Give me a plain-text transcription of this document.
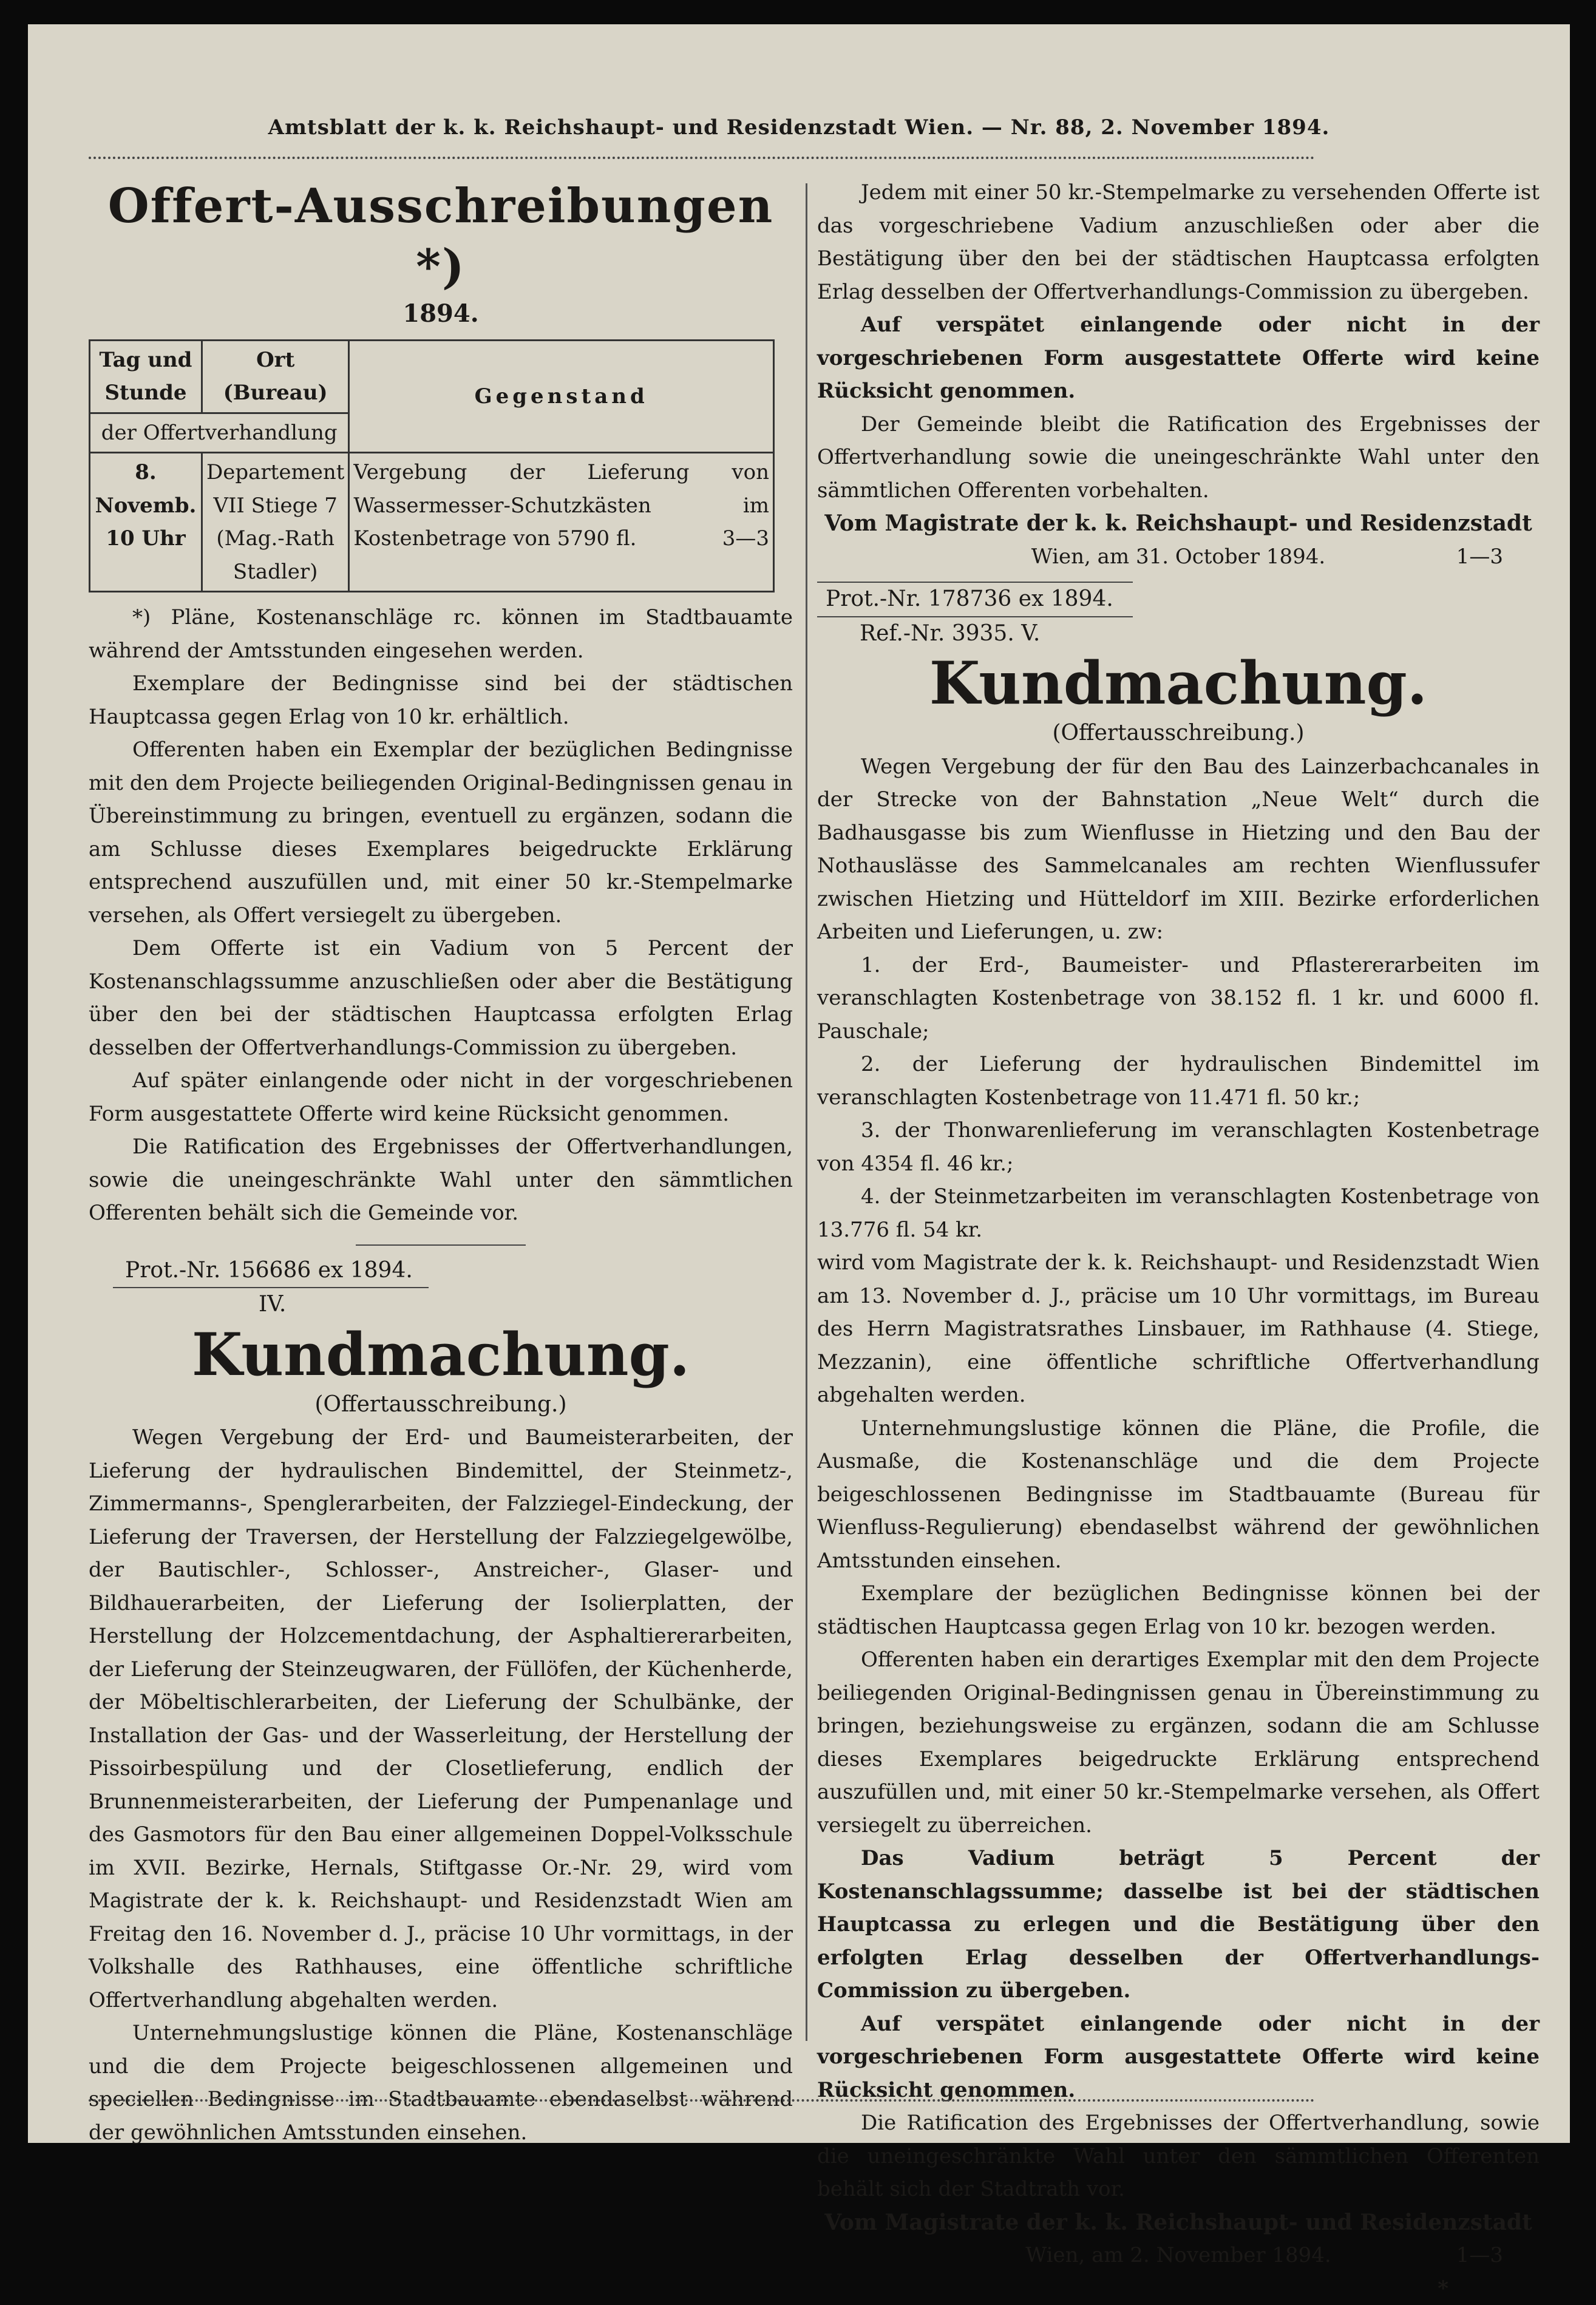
Amtsblatt der k. k. Reichshaupt- und Residenzstadt Wien. — Nr. 88, 2. November 1894.
Offert-Ausschreibungen *)
1894.
Tag und Stunde	Ort (Bureau)	Gegenstand
der Offertverhandlung		
8. Novemb. 10 Uhr	Departement VII Stiege 7 (Mag.-Rath Stadler)	Vergebung der Lieferung von Wassermesser-Schutzkästen im Kostenbetrage von 5790 fl. 3—3

*) Pläne, Kostenanschläge rc. können im Stadtbauamte während der Amtsstunden eingesehen werden.

Exemplare der Bedingnisse sind bei der städtischen Hauptcassa gegen Erlag von 10 kr. erhältlich.

Offerenten haben ein Exemplar der bezüglichen Bedingnisse mit den dem Projecte beiliegenden Original-Bedingnissen genau in Übereinstimmung zu bringen, eventuell zu ergänzen, sodann die am Schlusse dieses Exemplares beigedruckte Erklärung entsprechend auszufüllen und, mit einer 50 kr.-Stempelmarke versehen, als Offert versiegelt zu übergeben.

Dem Offerte ist ein Vadium von 5 Percent der Kostenanschlagssumme anzuschließen oder aber die Bestätigung über den bei der städtischen Hauptcassa erfolgten Erlag desselben der Offertverhandlungs-Commission zu übergeben.

Auf später einlangende oder nicht in der vorgeschriebenen Form ausgestattete Offerte wird keine Rücksicht genommen.

Die Ratification des Ergebnisses der Offertverhandlungen, sowie die uneingeschränkte Wahl unter den sämmtlichen Offerenten behält sich die Gemeinde vor.

Prot.-Nr. 156686 ex 1894.
IV.
Kundmachung.
(Offertausschreibung.)

Wegen Vergebung der Erd- und Baumeisterarbeiten, der Lieferung der hydraulischen Bindemittel, der Steinmetz-, Zimmermanns-, Spenglerarbeiten, der Falzziegel-Eindeckung, der Lieferung der Traversen, der Herstellung der Falzziegelgewölbe, der Bautischler-, Schlosser-, Anstreicher-, Glaser- und Bildhauerarbeiten, der Lieferung der Isolierplatten, der Herstellung der Holzcementdachung, der Asphaltiererarbeiten, der Lieferung der Steinzeugwaren, der Füllöfen, der Küchenherde, der Möbeltischlerarbeiten, der Lieferung der Schulbänke, der Installation der Gas- und der Wasserleitung, der Herstellung der Pissoirbespülung und der Closetlieferung, endlich der Brunnenmeisterarbeiten, der Lieferung der Pumpenanlage und des Gasmotors für den Bau einer allgemeinen Doppel-Volksschule im XVII. Bezirke, Hernals, Stiftgasse Or.-Nr. 29, wird vom Magistrate der k. k. Reichshaupt- und Residenzstadt Wien am Freitag den 16. November d. J., präcise 10 Uhr vormittags, in der Volkshalle des Rathhauses, eine öffentliche schriftliche Offertverhandlung abgehalten werden.

Unternehmungslustige können die Pläne, Kostenanschläge und die dem Projecte beigeschlossenen allgemeinen und speciellen Bedingnisse im Stadtbauamte ebendaselbst während der gewöhnlichen Amtsstunden einsehen.

Jedem mit einer 50 kr.-Stempelmarke zu versehenden Offerte ist das vorgeschriebene Vadium anzuschließen oder aber die Bestätigung über den bei der städtischen Hauptcassa erfolgten Erlag desselben der Offertverhandlungs-Commission zu übergeben.

Auf verspätet einlangende oder nicht in der vorgeschriebenen Form ausgestattete Offerte wird keine Rücksicht genommen.

Der Gemeinde bleibt die Ratification des Ergebnisses der Offertverhandlung sowie die uneingeschränkte Wahl unter den sämmtlichen Offerenten vorbehalten.

Vom Magistrate der k. k. Reichshaupt- und Residenzstadt
Wien, am 31. October 1894.	1—3
Prot.-Nr. 178736 ex 1894.
Ref.-Nr. 3935. V.
Kundmachung.
(Offertausschreibung.)

Wegen Vergebung der für den Bau des Lainzerbachcanales in der Strecke von der Bahnstation „Neue Welt“ durch die Badhausgasse bis zum Wienflusse in Hietzing und den Bau der Nothauslässe des Sammelcanales am rechten Wienflussufer zwischen Hietzing und Hütteldorf im XIII. Bezirke erforderlichen Arbeiten und Lieferungen, u. zw:

1. der Erd-, Baumeister- und Pflastererarbeiten im veranschlagten Kostenbetrage von 38.152 fl. 1 kr. und 6000 fl. Pauschale;

2. der Lieferung der hydraulischen Bindemittel im veranschlagten Kostenbetrage von 11.471 fl. 50 kr.;

3. der Thonwarenlieferung im veranschlagten Kostenbetrage von 4354 fl. 46 kr.;

4. der Steinmetzarbeiten im veranschlagten Kostenbetrage von 13.776 fl. 54 kr.

wird vom Magistrate der k. k. Reichshaupt- und Residenzstadt Wien am 13. November d. J., präcise um 10 Uhr vormittags, im Bureau des Herrn Magistratsrathes Linsbauer, im Rathhause (4. Stiege, Mezzanin), eine öffentliche schriftliche Offertverhandlung abgehalten werden.

Unternehmungslustige können die Pläne, die Profile, die Ausmaße, die Kostenanschläge und die dem Projecte beigeschlossenen Bedingnisse im Stadtbauamte (Bureau für Wienfluss-Regulierung) ebendaselbst während der gewöhnlichen Amtsstunden einsehen.

Exemplare der bezüglichen Bedingnisse können bei der städtischen Hauptcassa gegen Erlag von 10 kr. bezogen werden.

Offerenten haben ein derartiges Exemplar mit den dem Projecte beiliegenden Original-Bedingnissen genau in Übereinstimmung zu bringen, beziehungsweise zu ergänzen, sodann die am Schlusse dieses Exemplares beigedruckte Erklärung entsprechend auszufüllen und, mit einer 50 kr.-Stempelmarke versehen, als Offert versiegelt zu überreichen.

Das Vadium beträgt 5 Percent der Kostenanschlagssumme; dasselbe ist bei der städtischen Hauptcassa zu erlegen und die Bestätigung über den erfolgten Erlag desselben der Offertverhandlungs-Commission zu übergeben.

Auf verspätet einlangende oder nicht in der vorgeschriebenen Form ausgestattete Offerte wird keine Rücksicht genommen.

Die Ratification des Ergebnisses der Offertverhandlung, sowie die uneingeschränkte Wahl unter den sämmtlichen Offerenten behält sich der Stadtrath vor.

Vom Magistrate der k. k. Reichshaupt- und Residenzstadt
Wien, am 2. November 1894.	1—3
*
